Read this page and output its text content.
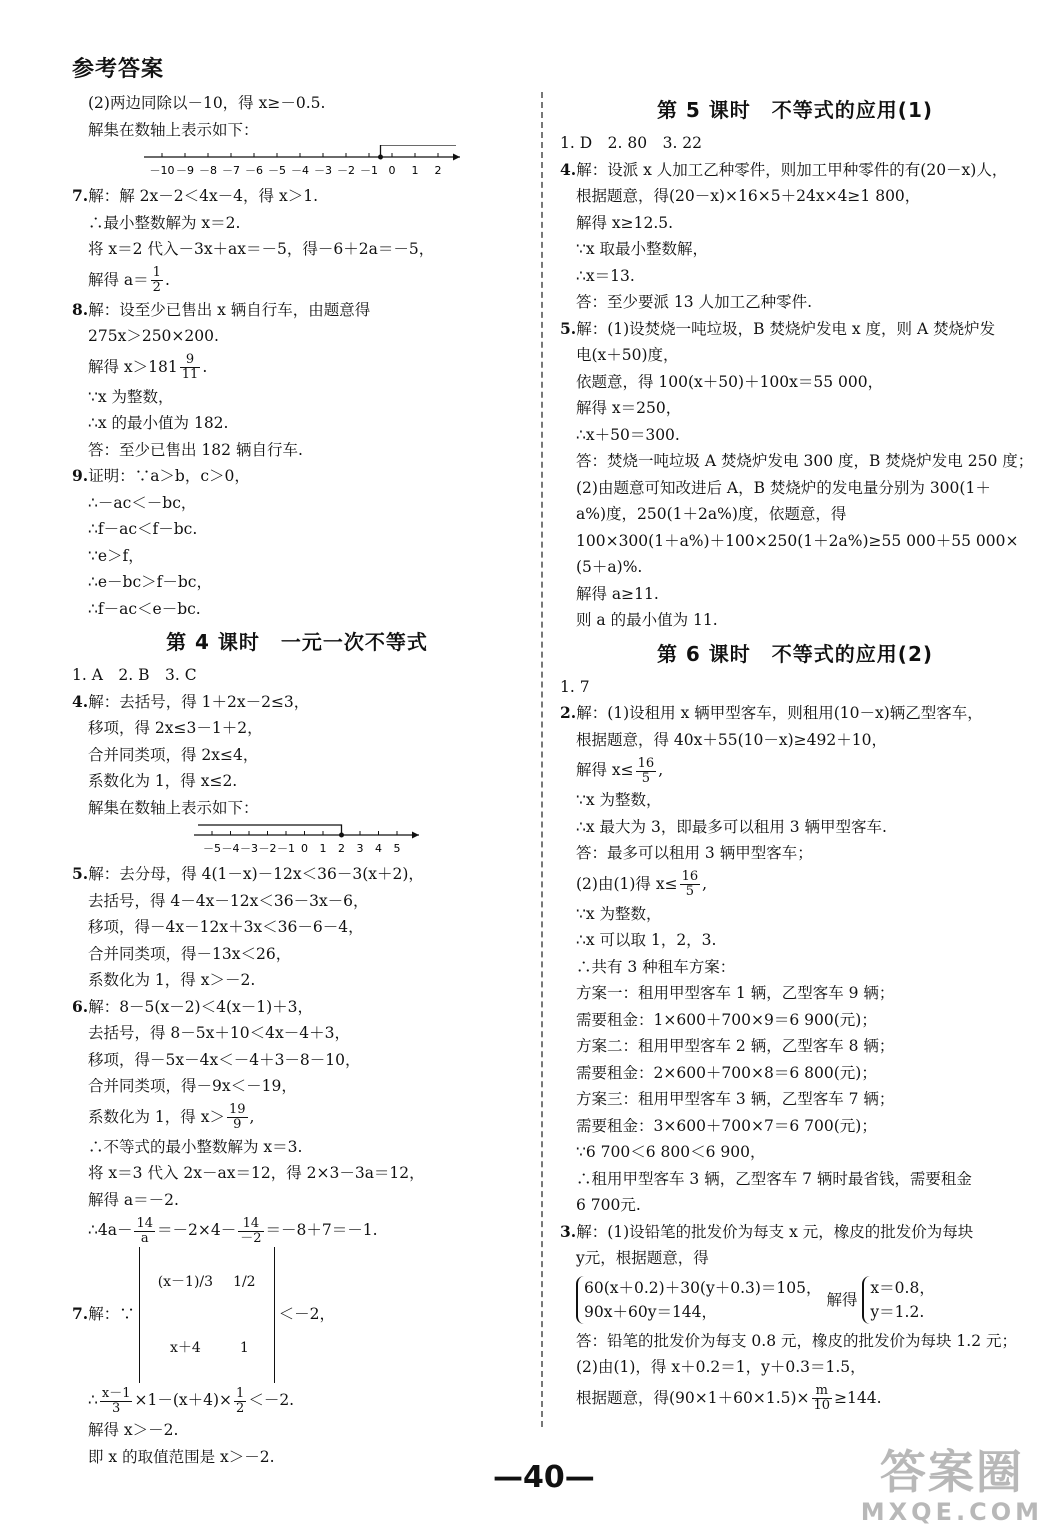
参考答案
(2)两边同除以－10，得 x≥－0.5.
解集在数轴上表示如下：
－10 －9 －8 －7 －6 －5 －4 －3 －2 －1 0 1 2
7.解：解 2x－2＜4x－4，得 x＞1.
∴最小整数解为 x＝2.
将 x＝2 代入－3x＋ax＝－5，得－6＋2a＝－5，
解得 $a= \frac{1}{2}$ .
8.解：设至少已售出 x 辆自行车，由题意得
275x＞250×200.
解得 $x>181 \frac{9}{11}$ .
∵x 为整数，
∴x 的最小值为 182.
答：至少已售出 182 辆自行车.
9.证明：∵a＞b，c＞0，
∴－ac＜－bc，
∴f－ac＜f－bc.
∵e＞f，
∴e－bc＞f－bc，
∴f－ac＜e－bc.
第 4 课时　一元一次不等式
1. A　2. B　3. C
4.解：去括号，得 1＋2x－2≤3，
移项，得 2x≤3－1＋2，
合并同类项，得 2x≤4，
系数化为 1，得 x≤2.
解集在数轴上表示如下：
－5 －4 －3 －2 －1 0 1 2 3 4 5
5.解：去分母，得 4(1－x)－12x＜36－3(x＋2)，
去括号，得 4－4x－12x＜36－3x－6，
移项，得－4x－12x＋3x＜36－6－4，
合并同类项，得－13x＜26，
系数化为 1，得 x＞－2.
6.解：8－5(x－2)＜4(x－1)＋3，
去括号，得 8－5x＋10＜4x－4＋3，
移项，得－5x－4x＜－4＋3－8－10，
合并同类项，得－9x＜－19，
系数化为 1，得 $x> \frac{19}{9}$ ,
∴不等式的最小整数解为 x＝3.
将 x＝3 代入 2x－ax＝12，得 2×3－3a＝12，
解得 a＝－2.
∴4a－ $\frac{14}{a} =-2\times 4- \frac{14}{-2} =-8+7=-1$.
7.解：∵
(x－1)/3	1/2
x＋4	1
＜－2，
∴ $\frac{x-1}{3} \times 1-(x+4)\times \frac{1}{2} <-2$.
解得 x＞－2.
即 x 的取值范围是 x＞－2.
第 5 课时　不等式的应用(1)
1. D　2. 80　3. 22
4.解：设派 x 人加工乙种零件，则加工甲种零件的有(20－x)人，
根据题意，得(20－x)×16×5＋24x×4≥1 800，
解得 x≥12.5.
∵x 取最小整数解，
∴x＝13.
答：至少要派 13 人加工乙种零件.
5.解：(1)设焚烧一吨垃圾，B 焚烧炉发电 x 度，则 A 焚烧炉发
电(x＋50)度，
依题意，得 100(x＋50)＋100x＝55 000，
解得 x＝250，
∴x＋50＝300.
答：焚烧一吨垃圾 A 焚烧炉发电 300 度，B 焚烧炉发电 250 度；
(2)由题意可知改进后 A，B 焚烧炉的发电量分别为 300(1＋
a%)度，250(1＋2a%)度，依题意，得
100×300(1＋a%)＋100×250(1＋2a%)≥55 000＋55 000×
(5＋a)%.
解得 a≥11.
则 a 的最小值为 11.
第 6 课时　不等式的应用(2)
1. 7
2.解：(1)设租用 x 辆甲型客车，则租用(10－x)辆乙型客车，
根据题意，得 40x＋55(10－x)≥492＋10，
解得 $x\le \frac{16}{5}$ ,
∵x 为整数，
∴x 最大为 3，即最多可以租用 3 辆甲型客车.
答：最多可以租用 3 辆甲型客车；
(2)由(1)得 $x\le \frac{16}{5}$ ,
∵x 为整数，
∴x 可以取 1，2，3.
∴共有 3 种租车方案：
方案一：租用甲型客车 1 辆，乙型客车 9 辆；
需要租金：1×600＋700×9＝6 900(元)；
方案二：租用甲型客车 2 辆，乙型客车 8 辆；
需要租金：2×600＋700×8＝6 800(元)；
方案三：租用甲型客车 3 辆，乙型客车 7 辆；
需要租金：3×600＋700×7＝6 700(元)；
∵6 700＜6 800＜6 900，
∴租用甲型客车 3 辆，乙型客车 7 辆时最省钱，需要租金
6 700元.
3.解：(1)设铅笔的批发价为每支 x 元，橡皮的批发价为每块
y元，根据题意，得
60(x＋0.2)＋30(y＋0.3)＝105，
90x＋60y＝144，
解得
x＝0.8，
y＝1.2.
答：铅笔的批发价为每支 0.8 元，橡皮的批发价为每块 1.2 元；
(2)由(1)，得 x＋0.2＝1，y＋0.3＝1.5，
根据题意，得$(90\times 1+60\times 1.5)\times \frac{m}{10} \ge 144$.
—40—	答案圈
MXQE.COM
